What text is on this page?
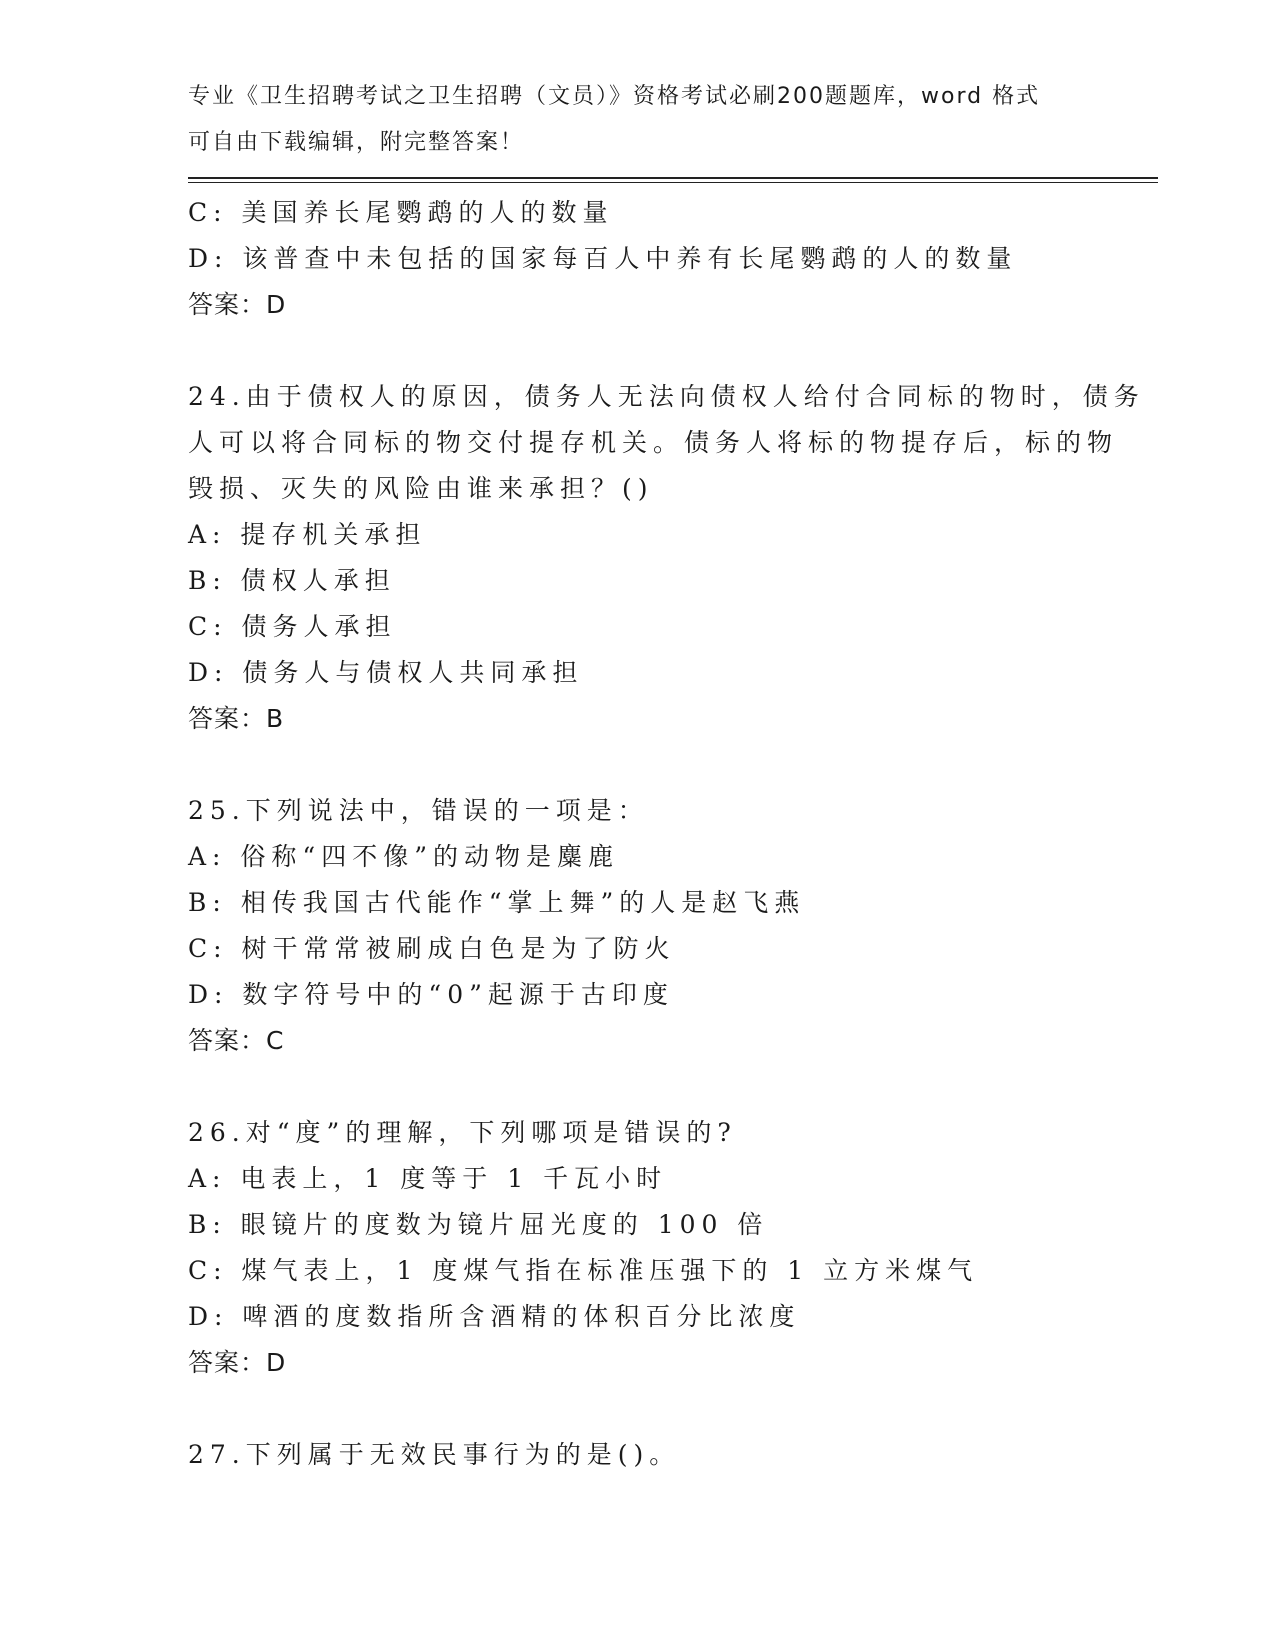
专业《卫生招聘考试之卫生招聘（文员）》资格考试必刷200题题库，word 格式
可自由下载编辑，附完整答案！
C: 美国养长尾鹦鹉的人的数量
D: 该普查中未包括的国家每百人中养有长尾鹦鹉的人的数量
答案：D
24.由于债权人的原因，债务人无法向债权人给付合同标的物时，债务
人可以将合同标的物交付提存机关。债务人将标的物提存后，标的物
毁损、灭失的风险由谁来承担？()
A: 提存机关承担
B: 债权人承担
C: 债务人承担
D: 债务人与债权人共同承担
答案：B
25.下列说法中，错误的一项是：
A: 俗称“四不像”的动物是麋鹿
B: 相传我国古代能作“掌上舞”的人是赵飞燕
C: 树干常常被刷成白色是为了防火
D: 数字符号中的“0”起源于古印度
答案：C
26.对“度”的理解，下列哪项是错误的?
A: 电表上，1 度等于 1 千瓦小时
B: 眼镜片的度数为镜片屈光度的 100 倍
C: 煤气表上，1 度煤气指在标准压强下的 1 立方米煤气
D: 啤酒的度数指所含酒精的体积百分比浓度
答案：D
27.下列属于无效民事行为的是()。
